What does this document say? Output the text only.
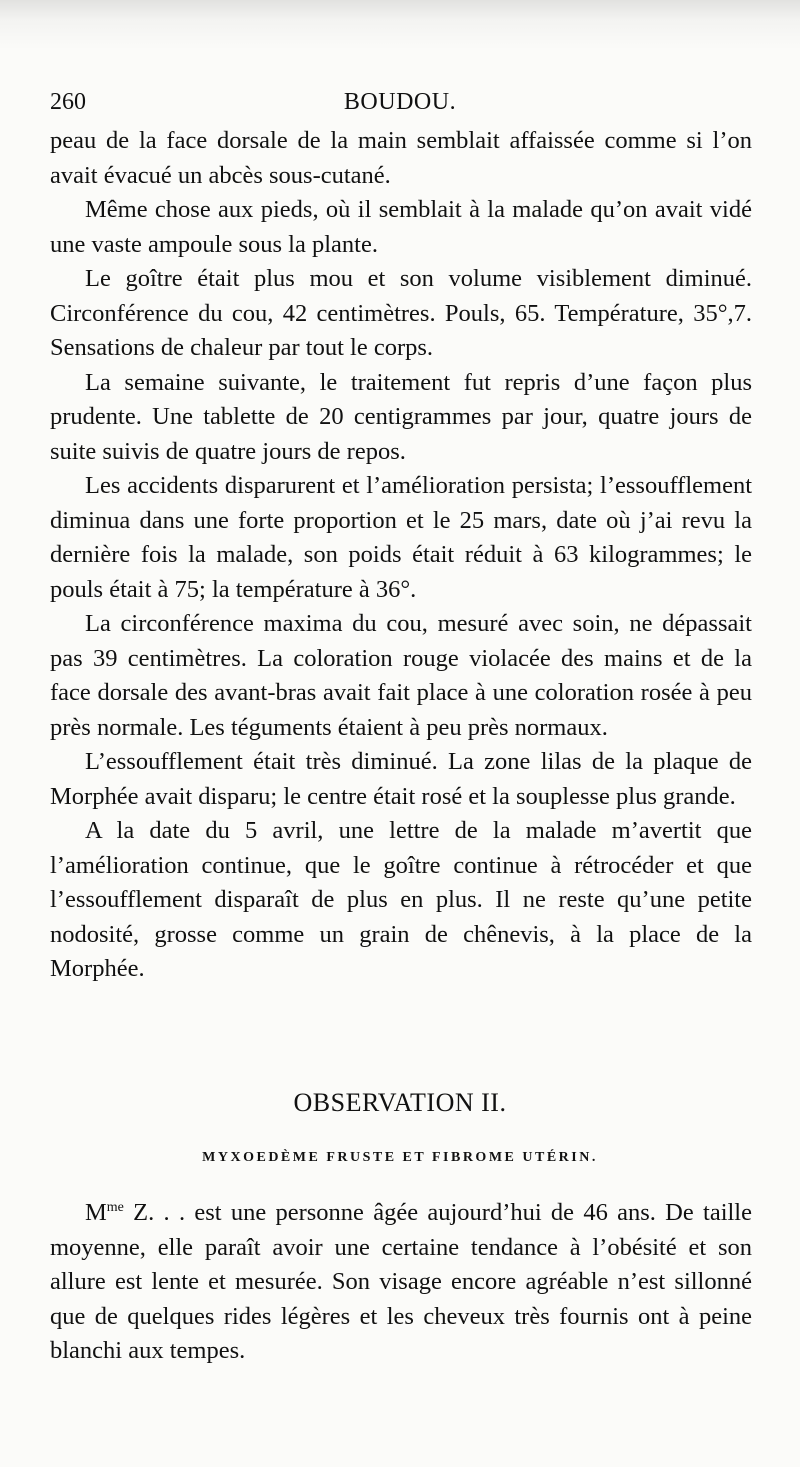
260	BOUDOU.

peau de la face dorsale de la main semblait affaissée comme si l’on avait évacué un abcès sous-cutané.

Même chose aux pieds, où il semblait à la malade qu’on avait vidé une vaste ampoule sous la plante.

Le goître était plus mou et son volume visiblement diminué. Circonférence du cou, 42 centimètres. Pouls, 65. Température, 35°,7. Sensations de chaleur par tout le corps.

La semaine suivante, le traitement fut repris d’une façon plus prudente. Une tablette de 20 centigrammes par jour, quatre jours de suite suivis de quatre jours de repos.

Les accidents disparurent et l’amélioration persista; l’essoufflement diminua dans une forte proportion et le 25 mars, date où j’ai revu la dernière fois la malade, son poids était réduit à 63 kilogrammes; le pouls était à 75; la température à 36°.

La circonférence maxima du cou, mesuré avec soin, ne dépassait pas 39 centimètres. La coloration rouge violacée des mains et de la face dorsale des avant-bras avait fait place à une coloration rosée à peu près normale. Les téguments étaient à peu près normaux.

L’essoufflement était très diminué. La zone lilas de la plaque de Morphée avait disparu; le centre était rosé et la souplesse plus grande.

A la date du 5 avril, une lettre de la malade m’avertit que l’amélioration continue, que le goître continue à rétrocéder et que l’essoufflement disparaît de plus en plus. Il ne reste qu’une petite nodosité, grosse comme un grain de chênevis, à la place de la Morphée.

OBSERVATION II.
MYXOEDÈME FRUSTE ET FIBROME UTÉRIN.

$M^{me}$ Z. . . est une personne âgée aujourd’hui de 46 ans. De taille moyenne, elle paraît avoir une certaine tendance à l’obésité et son allure est lente et mesurée. Son visage encore agréable n’est sillonné que de quelques rides légères et les cheveux très fournis ont à peine blanchi aux tempes.
